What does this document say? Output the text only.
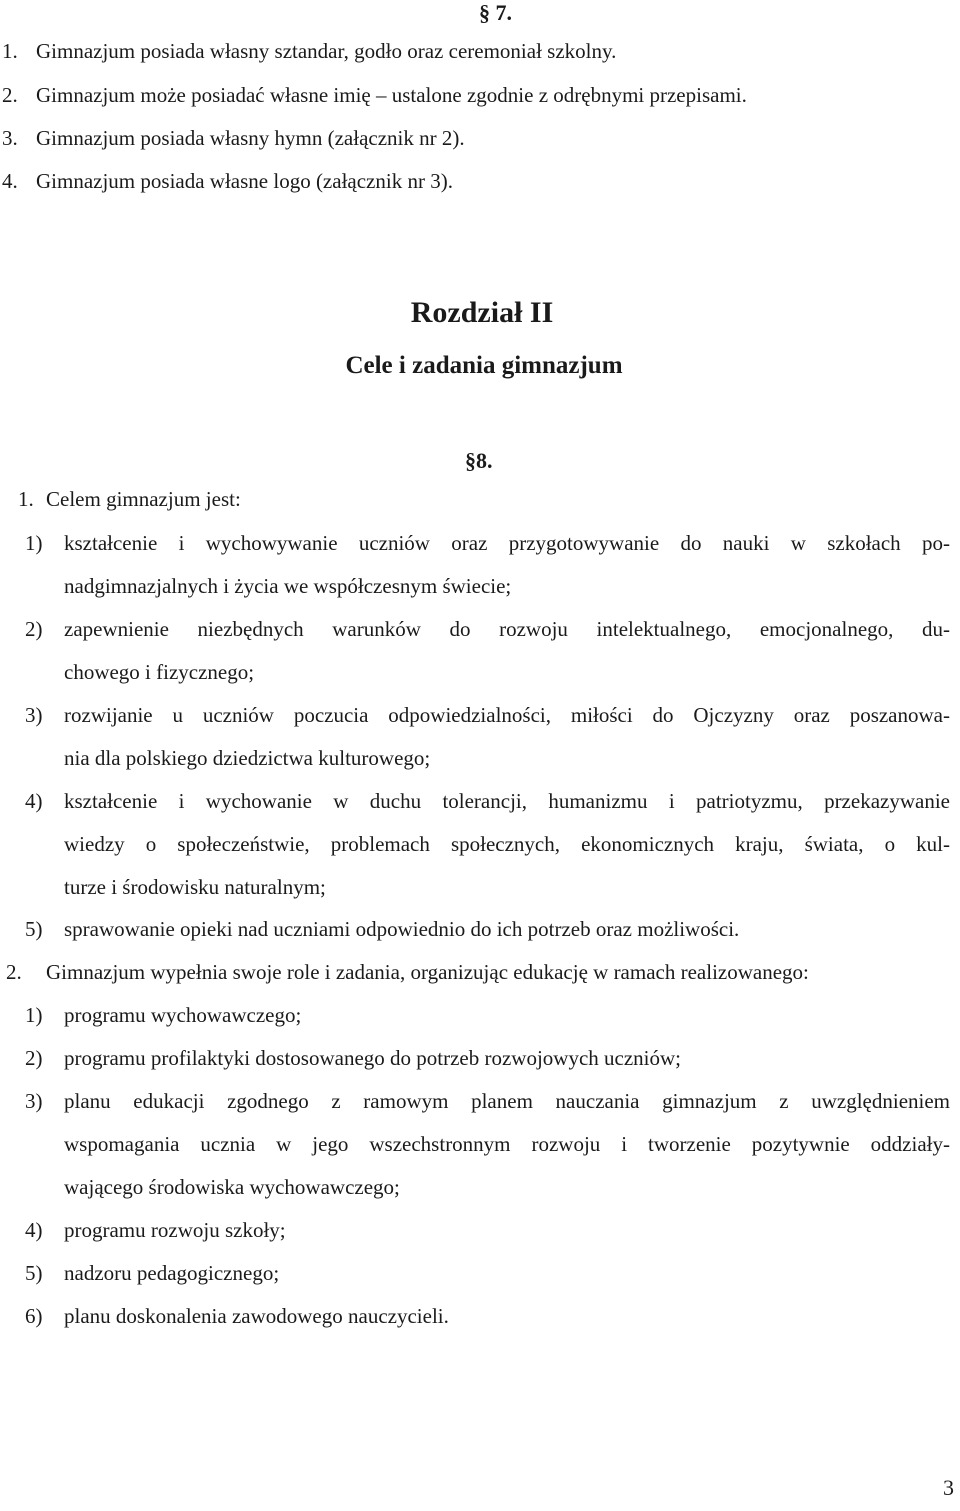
§ 7.
1. Gimnazjum posiada własny sztandar, godło oraz ceremoniał szkolny.
2. Gimnazjum może posiadać własne imię – ustalone zgodnie z odrębnymi przepisami.
3. Gimnazjum posiada własny hymn (załącznik nr 2).
4. Gimnazjum posiada własne logo (załącznik nr 3).
Rozdział II
Cele i zadania gimnazjum
§8.
1. Celem gimnazjum jest:
1) kształcenie i wychowywanie uczniów oraz przygotowywanie do nauki w szkołach po-
nadgimnazjalnych i życia we współczesnym świecie;
2) zapewnienie niezbędnych warunków do rozwoju intelektualnego, emocjonalnego, du-
chowego i fizycznego;
3) rozwijanie u uczniów poczucia odpowiedzialności, miłości do Ojczyzny oraz poszanowa-
nia dla polskiego dziedzictwa kulturowego;
4) kształcenie i wychowanie w duchu tolerancji, humanizmu i patriotyzmu, przekazywanie
wiedzy o społeczeństwie, problemach społecznych, ekonomicznych kraju, świata, o kul-
turze i środowisku naturalnym;
5) sprawowanie opieki nad uczniami odpowiednio do ich potrzeb oraz możliwości.
2. Gimnazjum wypełnia swoje role i zadania, organizując edukację w ramach realizowanego:
1) programu wychowawczego;
2) programu profilaktyki dostosowanego do potrzeb rozwojowych uczniów;
3) planu edukacji zgodnego z ramowym planem nauczania gimnazjum z uwzględnieniem
wspomagania ucznia w jego wszechstronnym rozwoju i tworzenie pozytywnie oddziały-
wającego środowiska wychowawczego;
4) programu rozwoju szkoły;
5) nadzoru pedagogicznego;
6) planu doskonalenia zawodowego nauczycieli.
3
